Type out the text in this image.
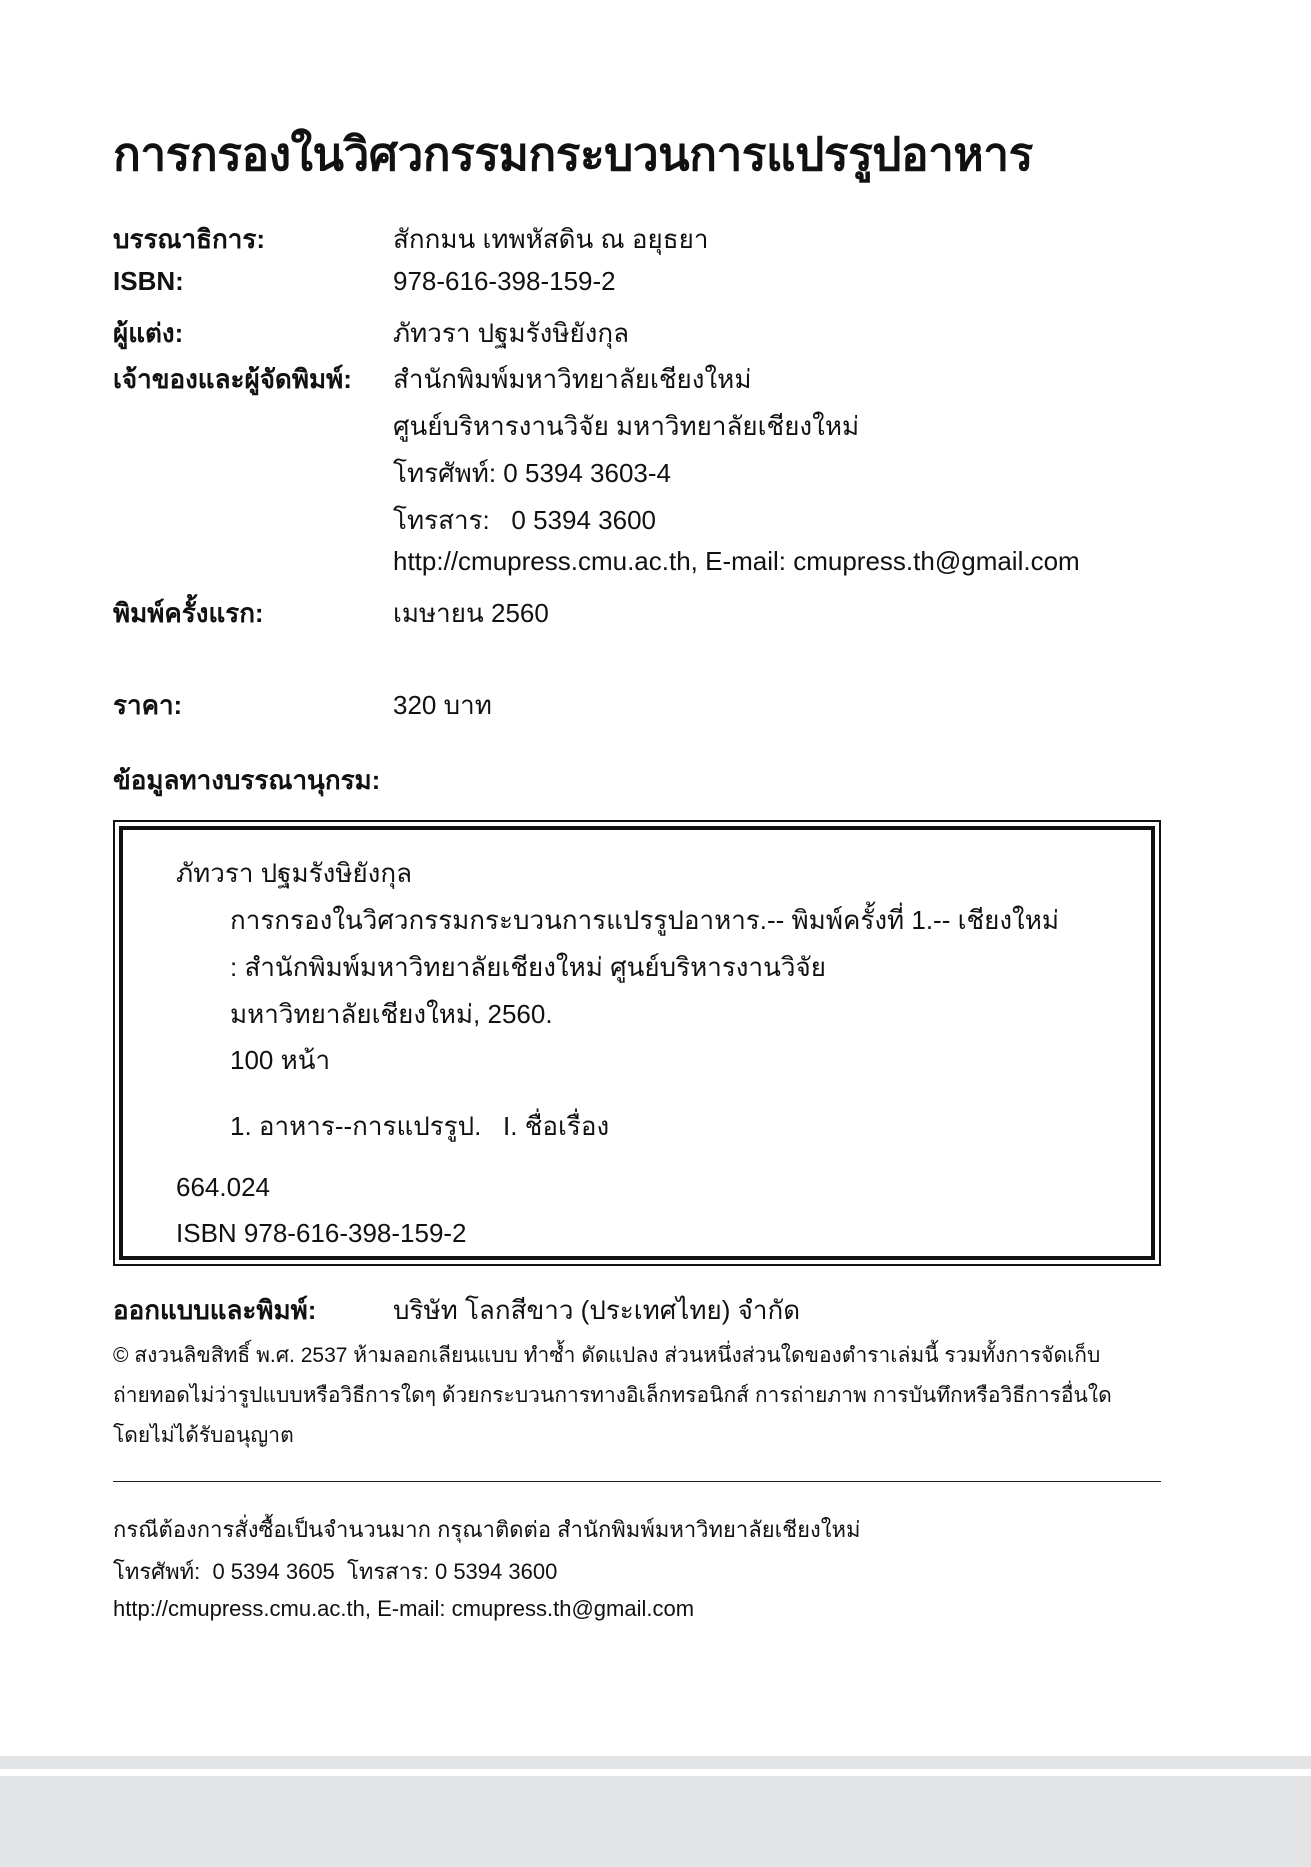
การกรองในวิศวกรรมกระบวนการแปรรูปอาหาร
บรรณาธิการ:	สักกมน เทพหัสดิน ณ อยุธยา
ISBN:	978-616-398-159-2
ผู้แต่ง:	ภัทวรา ปฐมรังษิยังกุล
เจ้าของและผู้จัดพิมพ์: สำนักพิมพ์มหาวิทยาลัยเชียงใหม่
ศูนย์บริหารงานวิจัย มหาวิทยาลัยเชียงใหม่
โทรศัพท์: 0 5394 3603-4
โทรสาร:   0 5394 3600
http://cmupress.cmu.ac.th, E-mail: cmupress.th@gmail.com
พิมพ์ครั้งแรก:	เมษายน 2560
ราคา:	320 บาท
ข้อมูลทางบรรณานุกรม:
ภัทวรา ปฐมรังษิยังกุล
การกรองในวิศวกรรมกระบวนการแปรรูปอาหาร.-- พิมพ์ครั้งที่ 1.-- เชียงใหม่
: สำนักพิมพ์มหาวิทยาลัยเชียงใหม่ ศูนย์บริหารงานวิจัย
มหาวิทยาลัยเชียงใหม่, 2560.
100 หน้า
1. อาหาร--การแปรรูป.   I. ชื่อเรื่อง
664.024
ISBN 978-616-398-159-2
ออกแบบและพิมพ์:	บริษัท โลกสีขาว (ประเทศไทย) จำกัด
© สงวนลิขสิทธิ์ พ.ศ. 2537 ห้ามลอกเลียนแบบ ทำซ้ำ ดัดแปลง ส่วนหนึ่งส่วนใดของตำราเล่มนี้ รวมทั้งการจัดเก็บ
ถ่ายทอดไม่ว่ารูปแบบหรือวิธีการใดๆ ด้วยกระบวนการทางอิเล็กทรอนิกส์ การถ่ายภาพ การบันทึกหรือวิธีการอื่นใด
โดยไม่ได้รับอนุญาต
กรณีต้องการสั่งซื้อเป็นจำนวนมาก กรุณาติดต่อ สำนักพิมพ์มหาวิทยาลัยเชียงใหม่
โทรศัพท์:  0 5394 3605  โทรสาร: 0 5394 3600
http://cmupress.cmu.ac.th, E-mail: cmupress.th@gmail.com
